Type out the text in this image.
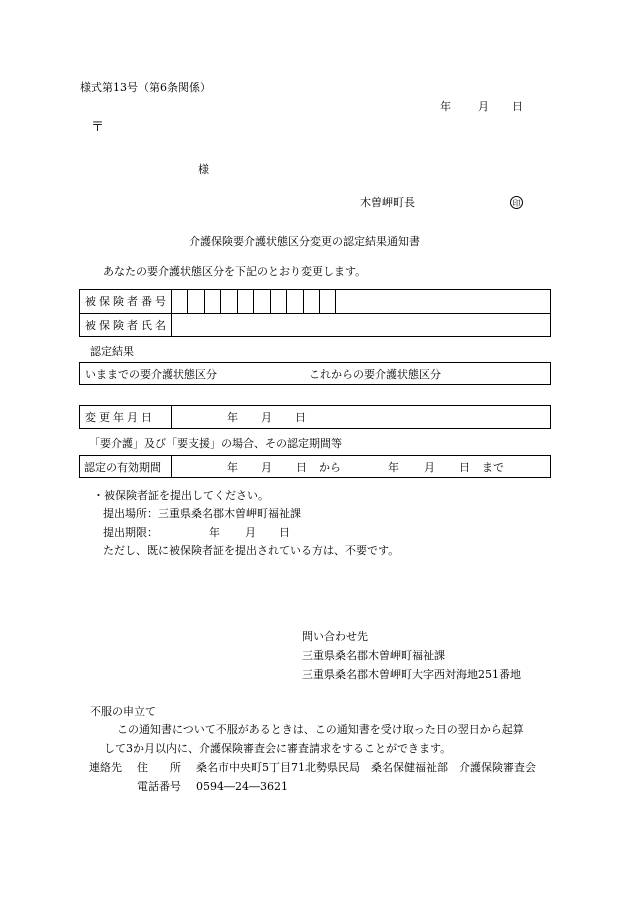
様式第13号（第6条関係）
年 月 日
〒
様
木曽岬町長	印
介護保険要介護状態区分変更の認定結果通知書
あなたの要介護状態区分を下記のとおり変更します。
被保険者番号
被保険者氏名
認定結果
いままでの要介護状態区分	これからの要介護状態区分
変更年月日	年 月 日
「要介護」及び「要支援」の場合、その認定期間等
認定の有効期間	年 月 日 から	年 月 日 まで
・被保険者証を提出してください。
提出場所：三重県桑名郡木曽岬町福祉課
提出期限：	年 月 日
ただし、既に被保険者証を提出されている方は、不要です。
問い合わせ先
三重県桑名郡木曽岬町福祉課
三重県桑名郡木曽岬町大字西対海地251番地
不服の申立て
この通知書について不服があるときは、この通知書を受け取った日の翌日から起算
して3か月以内に、介護保険審査会に審査請求をすることができます。
連絡先 住　　所 桑名市中央町5丁目71北勢県民局　桑名保健福祉部　介護保険審査会
電話番号 0594―24―3621
